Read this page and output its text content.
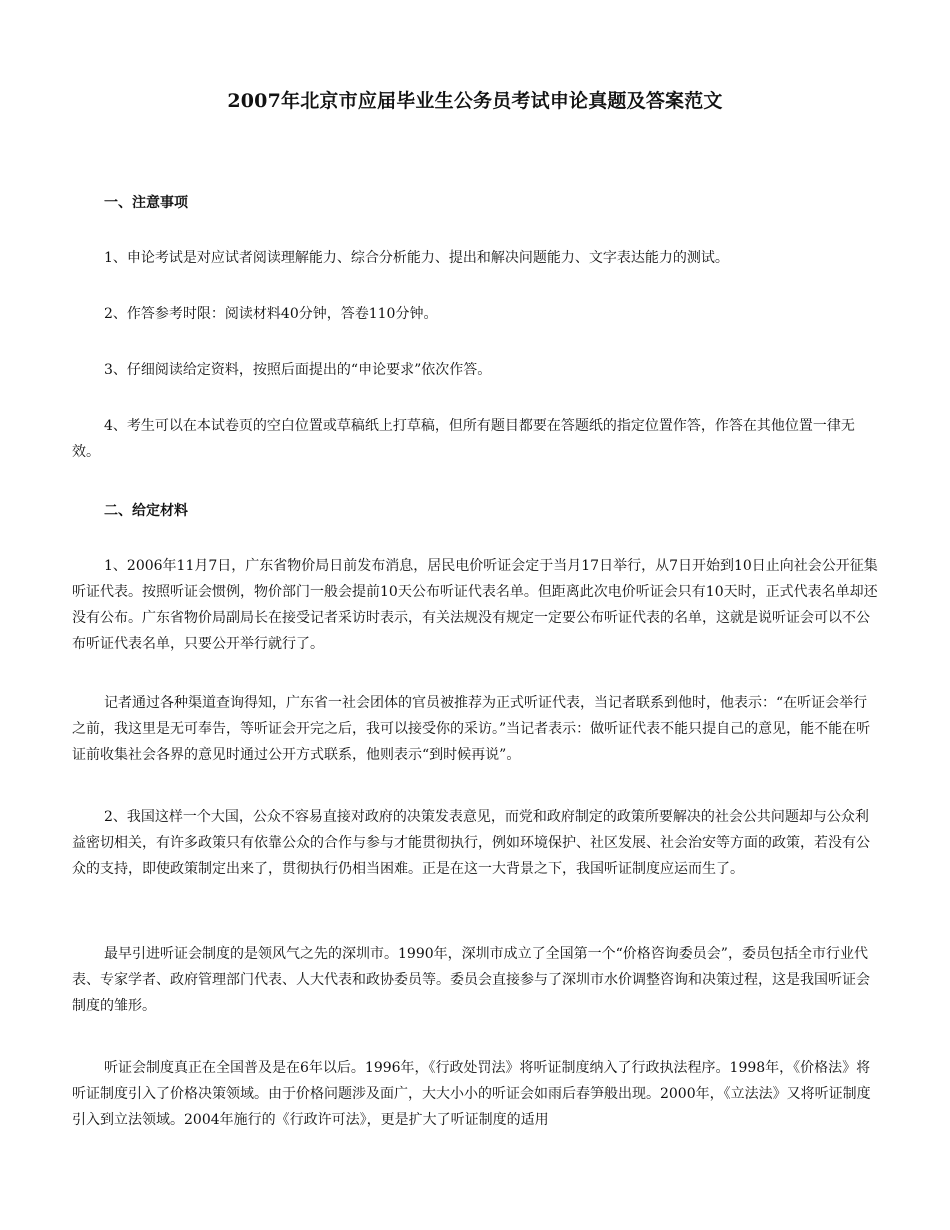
2007年北京市应届毕业生公务员考试申论真题及答案范文
一、注意事项
1、申论考试是对应试者阅读理解能力、综合分析能力、提出和解决问题能力、文字表达能力的测试。
2、作答参考时限：阅读材料40分钟，答卷110分钟。
3、仔细阅读给定资料，按照后面提出的“申论要求”依次作答。
4、考生可以在本试卷页的空白位置或草稿纸上打草稿，但所有题目都要在答题纸的指定位置作答，作答在其他位置一律无效。
二、给定材料
1、2006年11月7日，广东省物价局日前发布消息，居民电价听证会定于当月17日举行，从7日开始到10日止向社会公开征集听证代表。按照听证会惯例，物价部门一般会提前10天公布听证代表名单。但距离此次电价听证会只有10天时，正式代表名单却还没有公布。广东省物价局副局长在接受记者采访时表示，有关法规没有规定一定要公布听证代表的名单，这就是说听证会可以不公布听证代表名单，只要公开举行就行了。
记者通过各种渠道查询得知，广东省一社会团体的官员被推荐为正式听证代表，当记者联系到他时，他表示：“在听证会举行之前，我这里是无可奉告，等听证会开完之后，我可以接受你的采访。”当记者表示：做听证代表不能只提自己的意见，能不能在听证前收集社会各界的意见时通过公开方式联系，他则表示“到时候再说”。
2、我国这样一个大国，公众不容易直接对政府的决策发表意见，而党和政府制定的政策所要解决的社会公共问题却与公众利益密切相关，有许多政策只有依靠公众的合作与参与才能贯彻执行，例如环境保护、社区发展、社会治安等方面的政策，若没有公众的支持，即使政策制定出来了，贯彻执行仍相当困难。正是在这一大背景之下，我国听证制度应运而生了。
最早引进听证会制度的是领风气之先的深圳市。1990年，深圳市成立了全国第一个“价格咨询委员会”，委员包括全市行业代表、专家学者、政府管理部门代表、人大代表和政协委员等。委员会直接参与了深圳市水价调整咨询和决策过程，这是我国听证会制度的雏形。
听证会制度真正在全国普及是在6年以后。1996年，《行政处罚法》将听证制度纳入了行政执法程序。1998年，《价格法》将听证制度引入了价格决策领域。由于价格问题涉及面广，大大小小的听证会如雨后春笋般出现。2000年，《立法法》又将听证制度引入到立法领域。2004年施行的《行政许可法》，更是扩大了听证制度的适用
